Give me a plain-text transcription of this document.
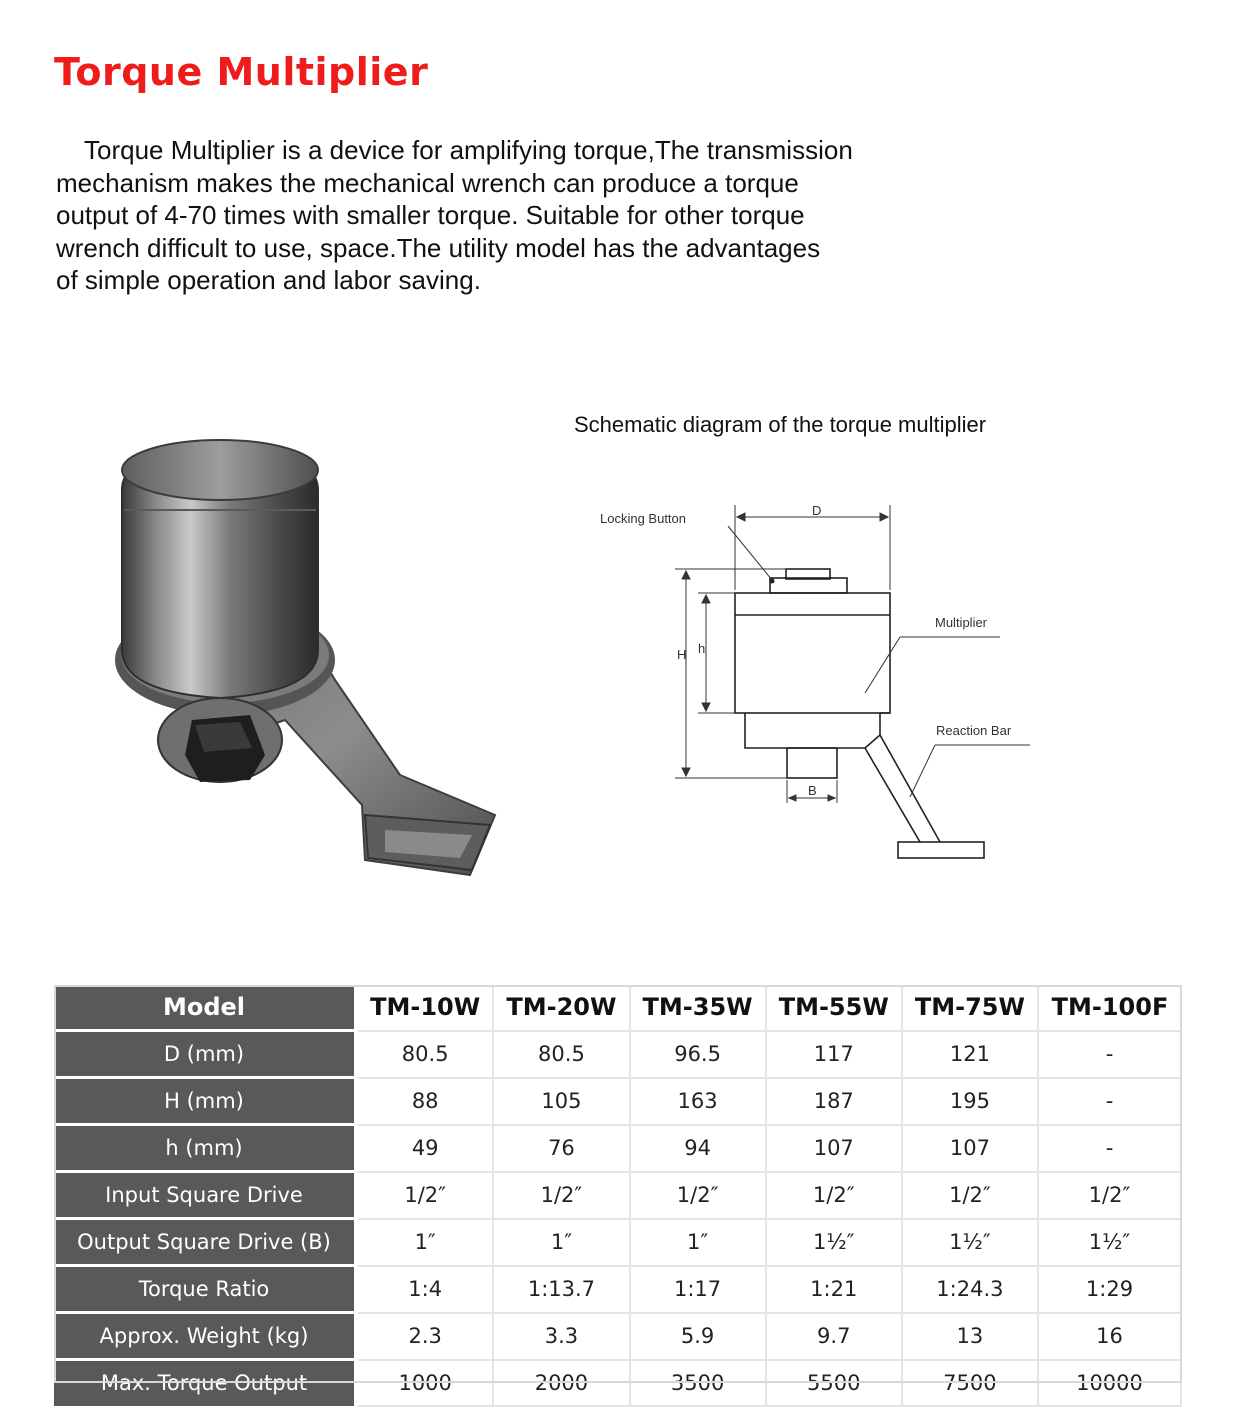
Torque Multiplier
Torque Multiplier is a device for amplifying torque,The transmission
mechanism makes the mechanical wrench can produce a torque
output of 4-70 times with smaller torque. Suitable for other torque
wrench difficult to use, space.The utility model has the advantages
of simple operation and labor saving.
Schematic diagram of the torque multiplier
Locking Button
D
H h
Multiplier
Reaction Bar
B
Model	TM-10W	TM-20W	TM-35W	TM-55W	TM-75W	TM-100F
D (mm)	80.5	80.5	96.5	117	121	-
H (mm)	88	105	163	187	195	-
h (mm)	49	76	94	107	107	-
Input Square Drive	1/2″	1/2″	1/2″	1/2″	1/2″	1/2″
Output Square Drive (B)	1″	1″	1″	1½″	1½″	1½″
Torque Ratio	1:4	1:13.7	1:17	1:21	1:24.3	1:29
Approx. Weight (kg)	2.3	3.3	5.9	9.7	13	16
Max. Torque Output	1000	2000	3500	5500	7500	10000
